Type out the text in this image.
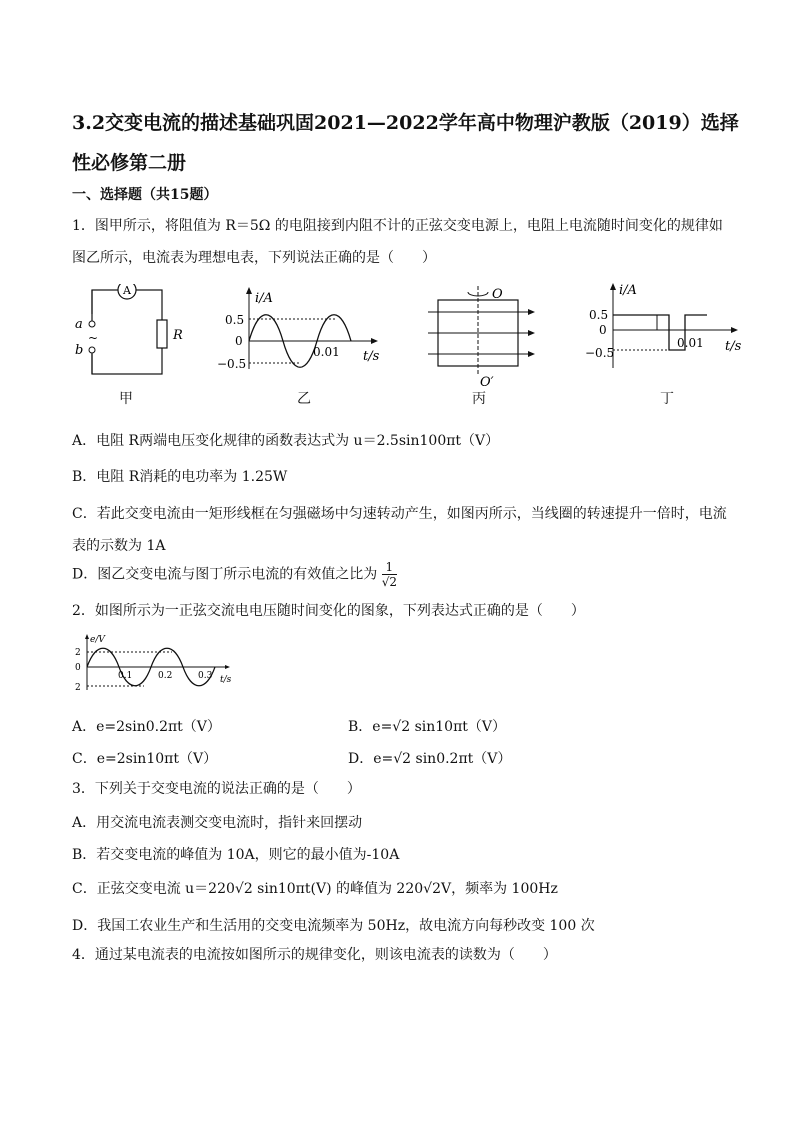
3.2交变电流的描述基础巩固2021—2022学年高中物理沪教版（2019）选择性必修第二册
一、选择题（共15题）
1．图甲所示，将阻值为 R＝5Ω 的电阻接到内阻不计的正弦交变电源上，电阻上电流随时间变化的规律如图乙所示，电流表为理想电表，下列说法正确的是（　　）
A
a
b
~	R
甲
i/A
0.5
0
−0.5
0.01 t/s
乙
O
O′
丙
i/A
0.5
0
−0.5
0.01 t/s
丁
A．电阻 R两端电压变化规律的函数表达式为 u＝2.5sin100πt（V）
B．电阻 R消耗的电功率为 1.25W
C．若此交变电流由一矩形线框在匀强磁场中匀速转动产生，如图丙所示，当线圈的转速提升一倍时，电流表的示数为 1A
D．图乙交变电流与图丁所示电流的有效值之比为 $\frac{1}{√2}$
2．如图所示为一正弦交流电电压随时间变化的图象，下列表达式正确的是（　　）
e/V
2
0
2
0.1	0.2	0.3 t/s
A．e=2sin0.2πt（V）	B．e=√2 sin10πt（V）
C．e=2sin10πt（V）	D．e=√2 sin0.2πt（V）
3．下列关于交变电流的说法正确的是（　　）
A．用交流电流表测交变电流时，指针来回摆动
B．若交变电流的峰值为 10A，则它的最小值为-10A
C．正弦交变电流 u＝220√2 sin10πt(V) 的峰值为 220√2V，频率为 100Hz
D．我国工农业生产和生活用的交变电流频率为 50Hz，故电流方向每秒改变 100 次
4．通过某电流表的电流按如图所示的规律变化，则该电流表的读数为（　　）
